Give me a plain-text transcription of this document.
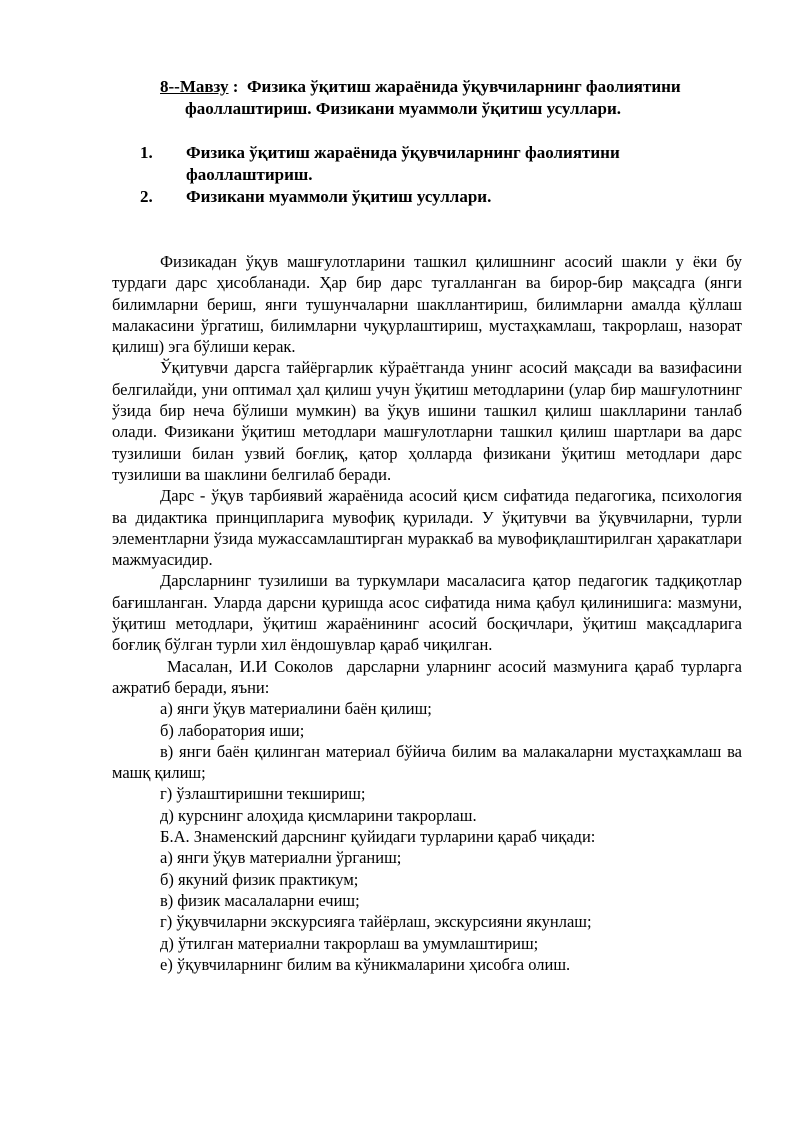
8--Мавзу :  Физика ўқитиш жараёнида ўқувчиларнинг фаолиятини
фаоллаштириш. Физикани муаммоли ўқитиш усуллари.
1. Физика ўқитиш жараёнида ўқувчиларнинг фаолиятини
фаоллаштириш.
2. Физикани муаммоли ўқитиш усуллари.

Физикадан ўқув машғулотларини ташкил қилишнинг асосий шакли у ёки бу турдаги дарс ҳисобланади. Ҳар бир дарс тугалланган ва бирор-бир мақсадга (янги билимларни бериш, янги тушунчаларни шакллантириш, билимларни амалда қўллаш малакасини ўргатиш, билимларни чуқурлаштириш, мустаҳкамлаш, такрорлаш, назорат қилиш) эга бўлиши керак.

Ўқитувчи дарсга тайёргарлик кўраётганда унинг асосий мақсади ва вазифасини белгилайди, уни оптимал ҳал қилиш учун ўқитиш методларини (улар бир машғулотнинг ўзида бир неча бўлиши мумкин) ва ўқув ишини ташкил қилиш шаклларини танлаб олади. Физикани ўқитиш методлари машғулотларни ташкил қилиш шартлари ва дарс тузилиши билан узвий боғлиқ, қатор ҳолларда физикани ўқитиш методлари дарс тузилиши ва шаклини белгилаб беради.

Дарс - ўқув тарбиявий жараёнида асосий қисм сифатида педагогика, психология ва дидактика принципларига мувофиқ қурилади. У ўқитувчи ва ўқувчиларни, турли элементларни ўзида мужассамлаштирган мураккаб ва мувофиқлаштирилган ҳаракатлари мажмуасидир.

Дарсларнинг тузилиши ва туркумлари масаласига қатор педагогик тадқиқотлар бағишланган. Уларда дарсни қуришда асос сифатида нима қабул қилинишига: мазмуни, ўқитиш методлари, ўқитиш жараёнининг асосий босқичлари, ўқитиш мақсадларига боғлиқ бўлган турли хил ёндошувлар қараб чиқилган.

Масалан, И.И Соколов  дарсларни уларнинг асосий мазмунига қараб турларга ажратиб беради, яъни:

а) янги ўқув материалини баён қилиш;

б) лаборатория иши;

в) янги баён қилинган материал бўйича билим ва малакаларни мустаҳкамлаш ва машқ қилиш;

г) ўзлаштиришни текшириш;

д) курснинг алоҳида қисмларини такрорлаш.

Б.А. Знаменский дарснинг қуйидаги турларини қараб чиқади:

а) янги ўқув материални ўрганиш;

б) якуний физик практикум;

в) физик масалаларни ечиш;

г) ўқувчиларни экскурсияга тайёрлаш, экскурсияни якунлаш;

д) ўтилган материални такрорлаш ва умумлаштириш;

е) ўқувчиларнинг билим ва кўникмаларини ҳисобга олиш.
